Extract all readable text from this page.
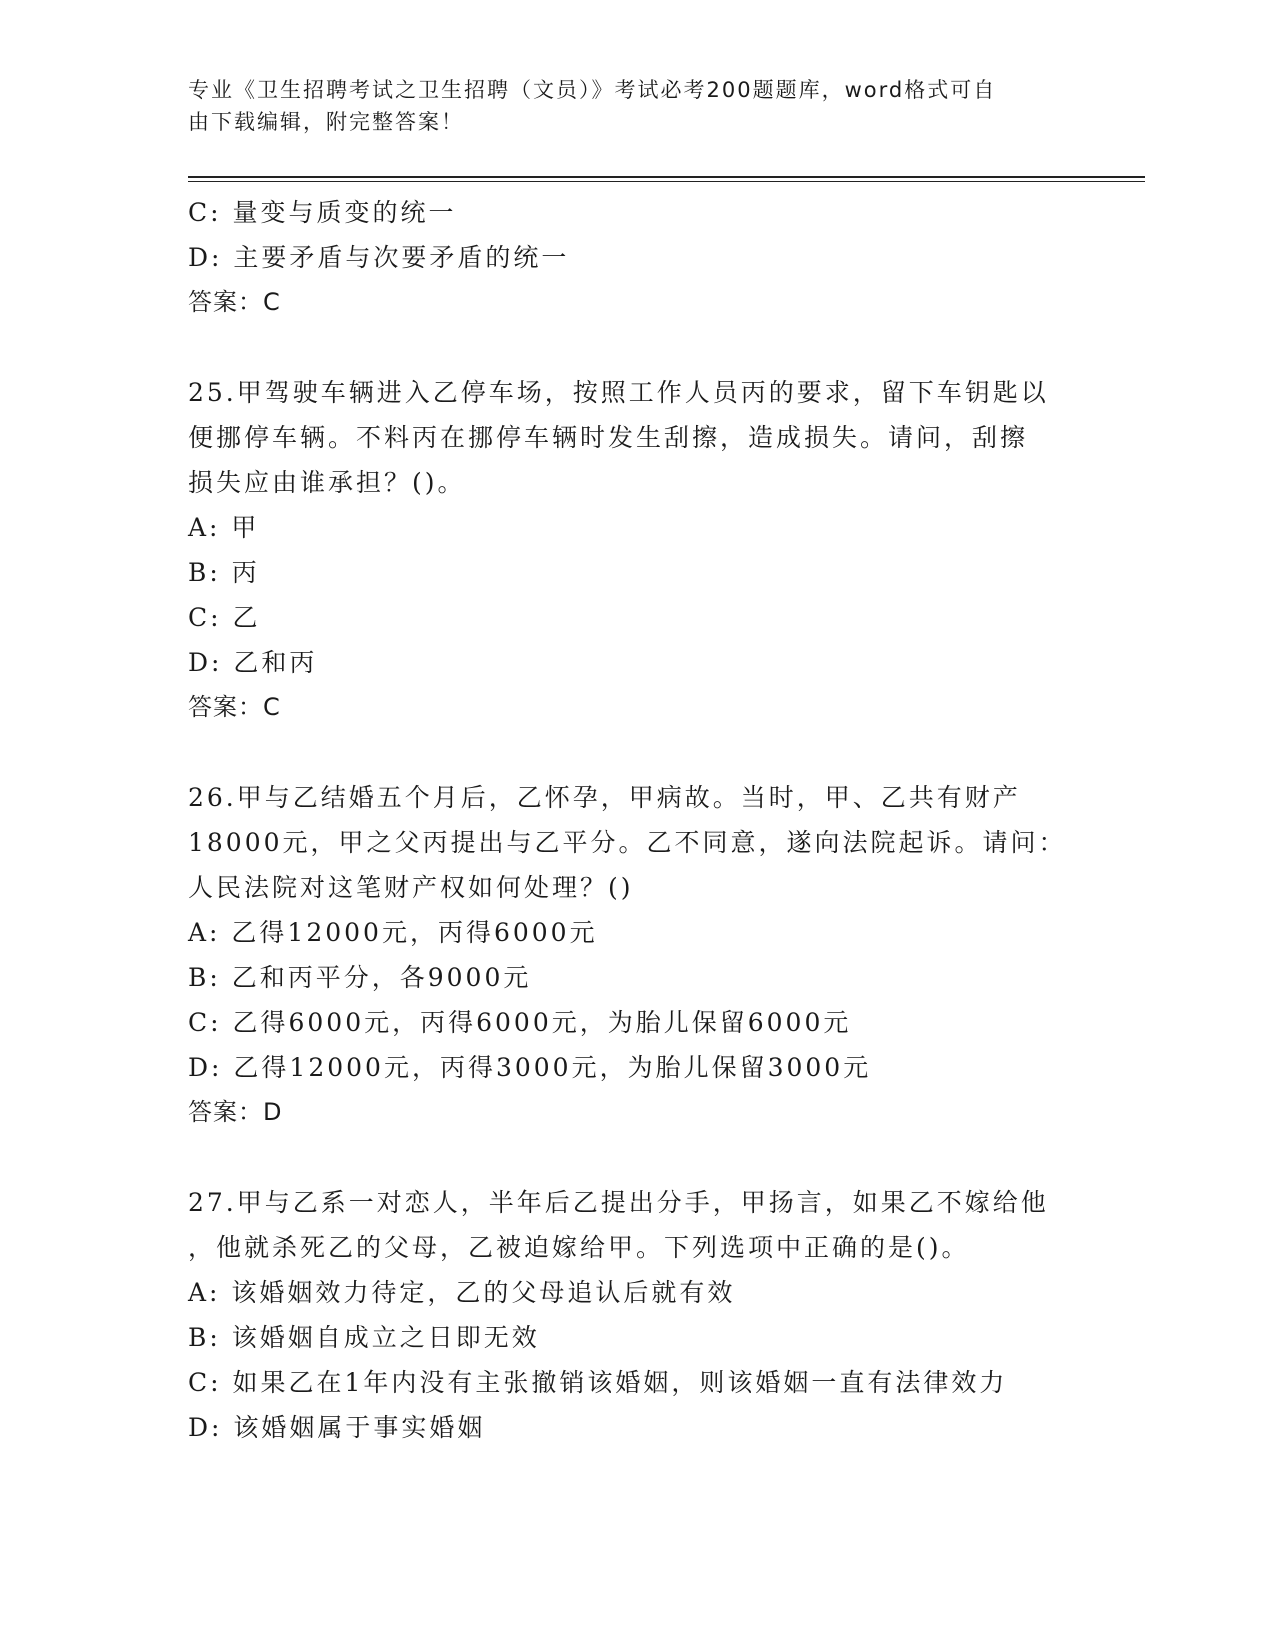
专业《卫生招聘考试之卫生招聘（文员）》考试必考200题题库，word格式可自
由下载编辑，附完整答案！
C: 量变与质变的统一
D: 主要矛盾与次要矛盾的统一
答案：C
25.甲驾驶车辆进入乙停车场，按照工作人员丙的要求，留下车钥匙以
便挪停车辆。不料丙在挪停车辆时发生刮擦，造成损失。请问，刮擦
损失应由谁承担？()。
A: 甲
B: 丙
C: 乙
D: 乙和丙
答案：C
26.甲与乙结婚五个月后，乙怀孕，甲病故。当时，甲、乙共有财产
18000元，甲之父丙提出与乙平分。乙不同意，遂向法院起诉。请问：
人民法院对这笔财产权如何处理？()
A: 乙得12000元，丙得6000元
B: 乙和丙平分，各9000元
C: 乙得6000元，丙得6000元，为胎儿保留6000元
D: 乙得12000元，丙得3000元，为胎儿保留3000元
答案：D
27.甲与乙系一对恋人，半年后乙提出分手，甲扬言，如果乙不嫁给他
，他就杀死乙的父母，乙被迫嫁给甲。下列选项中正确的是()。
A: 该婚姻效力待定，乙的父母追认后就有效
B: 该婚姻自成立之日即无效
C: 如果乙在1年内没有主张撤销该婚姻，则该婚姻一直有法律效力
D: 该婚姻属于事实婚姻
